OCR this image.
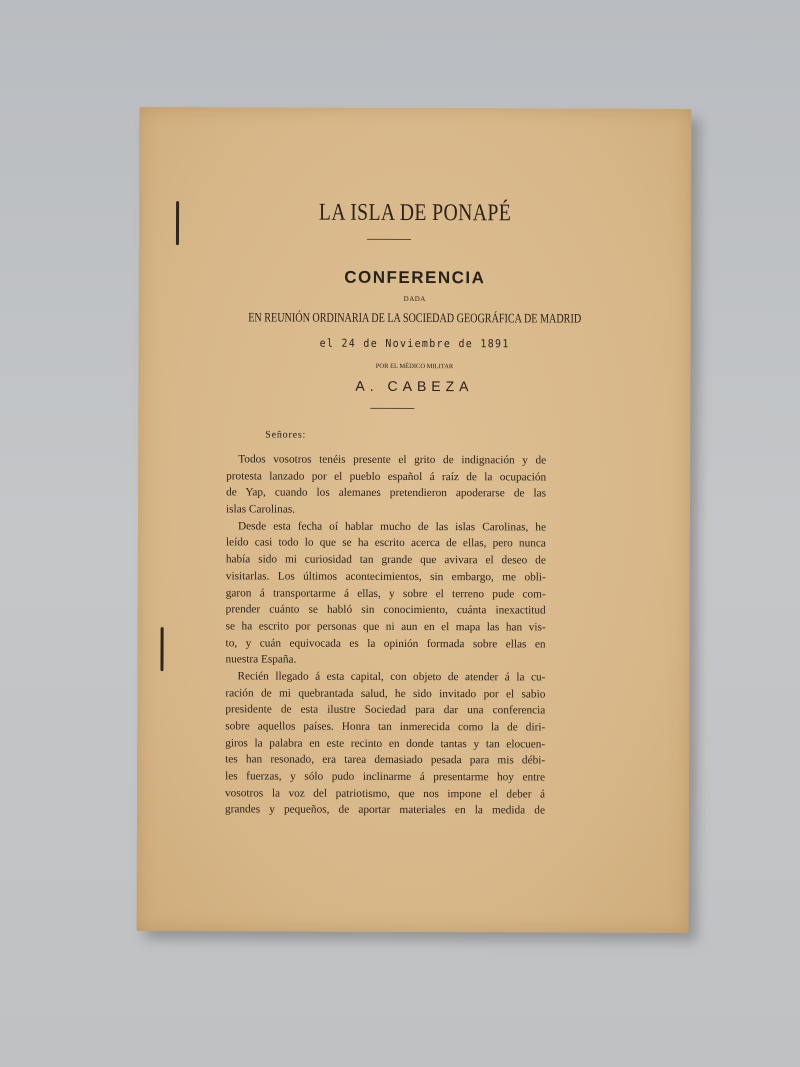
LA ISLA DE PONAPÉ
CONFERENCIA
DADA
EN REUNIÓN ORDINARIA DE LA SOCIEDAD GEOGRÁFICA DE MADRID
el 24 de Noviembre de 1891
POR EL MÉDICO MILITAR
A. CABEZA
Señores:
Todos vosotros tenéis presente el grito de indignación y de
protesta lanzado por el pueblo español á raíz de la ocupación
de Yap, cuando los alemanes pretendieron apoderarse de las
islas Carolinas.
Desde esta fecha oí hablar mucho de las islas Carolinas, he
leído casi todo lo que se ha escrito acerca de ellas, pero nunca
había sido mi curiosidad tan grande que avivara el deseo de
visitarlas. Los últimos acontecimientos, sin embargo, me obli-
garon á transportarme á ellas, y sobre el terreno pude com-
prender cuánto se habló sin conocimiento, cuánta inexactitud
se ha escrito por personas que ni aun en el mapa las han vis-
to, y cuán equivocada es la opinión formada sobre ellas en
nuestra España.
Recién llegado á esta capital, con objeto de atender á la cu-
ración de mi quebrantada salud, he sido invitado por el sabio
presidente de esta ilustre Sociedad para dar una conferencia
sobre aquellos países. Honra tan inmerecida como la de diri-
giros la palabra en este recinto en donde tantas y tan elocuen-
tes han resonado, era tarea demasiado pesada para mis débi-
les fuerzas, y sólo pudo inclinarme á presentarme hoy entre
vosotros la voz del patriotismo, que nos impone el deber á
grandes y pequeños, de aportar materiales en la medida de
